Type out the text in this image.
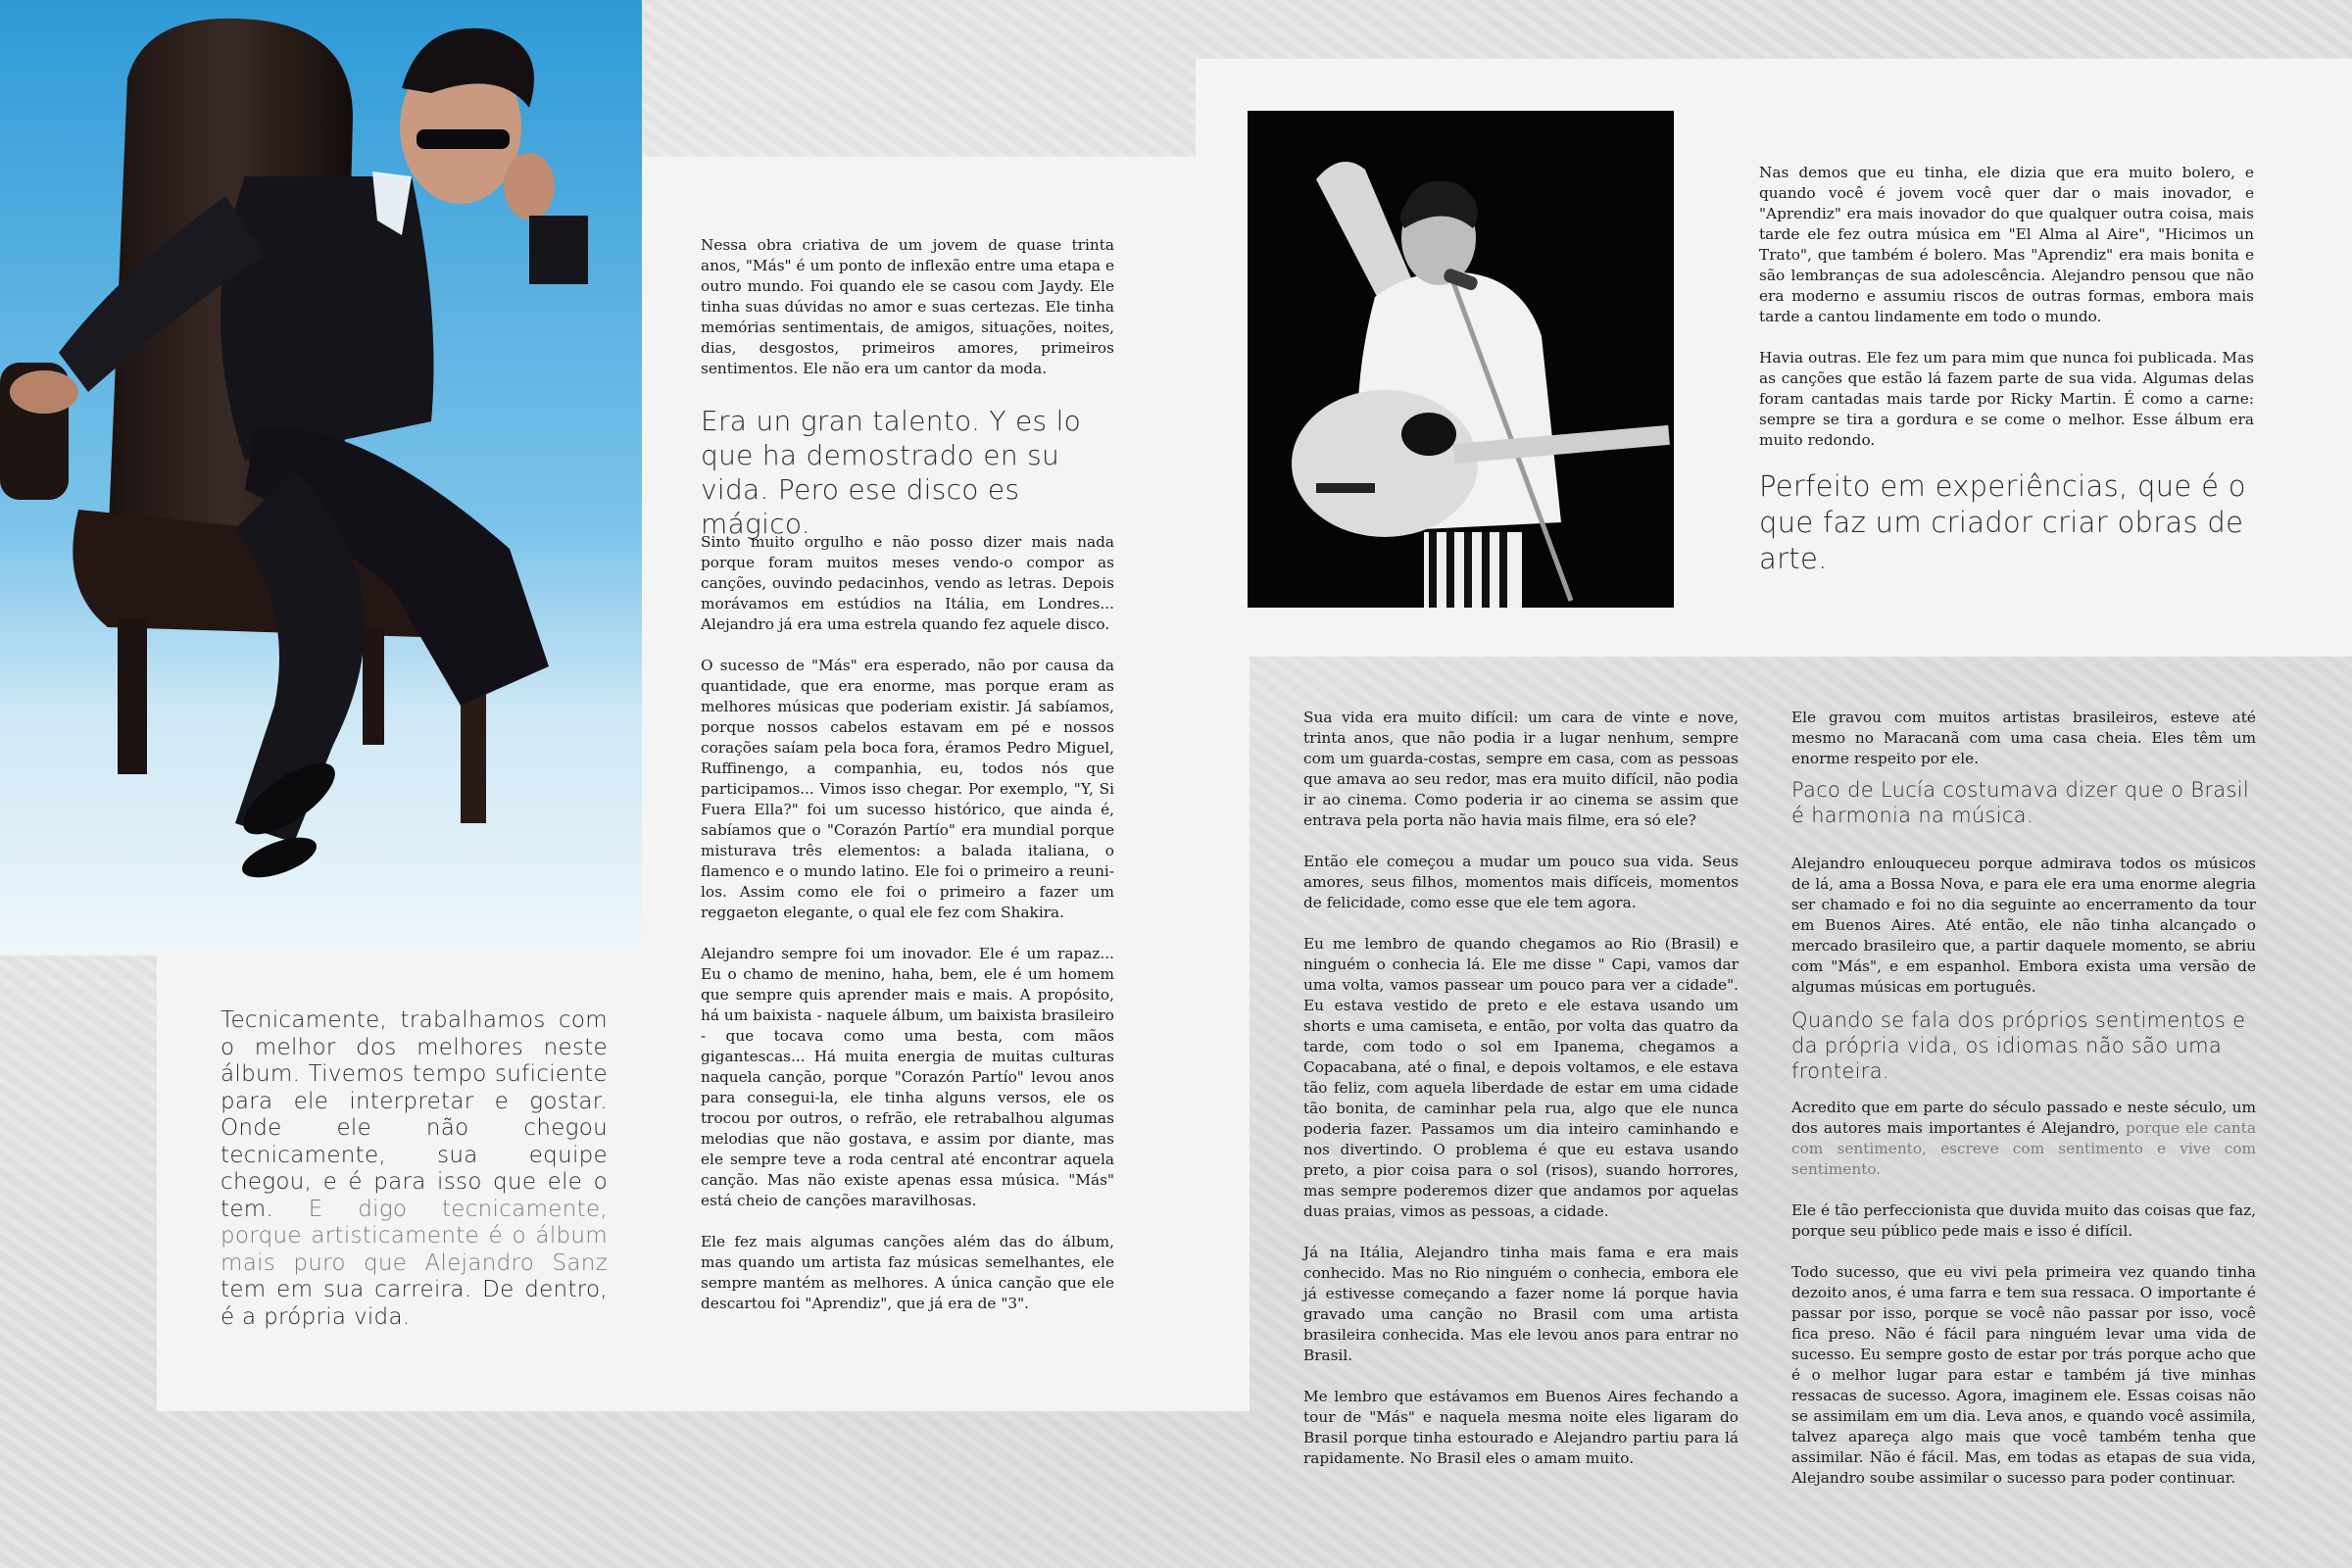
Tecnicamente, trabalhamos com o melhor dos melhores neste álbum. Tivemos tempo suficiente para ele interpretar e gostar. Onde ele não chegou tecnicamente, sua equipe chegou, e é para isso que ele o tem. E digo tecnicamente, porque artisticamente é o álbum mais puro que Alejandro Sanz tem em sua carreira. De dentro, é a própria vida.

Nessa obra criativa de um jovem de quase trinta anos, "Más" é um ponto de inflexão entre uma etapa e outro mundo. Foi quando ele se casou com Jaydy. Ele tinha suas dúvidas no amor e suas certezas. Ele tinha memórias sentimentais, de amigos, situações, noites, dias, desgostos, primeiros amores, primeiros sentimentos. Ele não era um cantor da moda.

Era un gran talento. Y es lo que ha demostrado en su vida. Pero ese disco es mágico.

Sinto muito orgulho e não posso dizer mais nada porque foram muitos meses vendo-o compor as canções, ouvindo pedacinhos, vendo as letras. Depois morávamos em estúdios na Itália, em Londres... Alejandro já era uma estrela quando fez aquele disco.

O sucesso de "Más" era esperado, não por causa da quantidade, que era enorme, mas porque eram as melhores músicas que poderiam existir. Já sabíamos, porque nossos cabelos estavam em pé e nossos corações saíam pela boca fora, éramos Pedro Miguel, Ruffinengo, a companhia, eu, todos nós que participamos... Vimos isso chegar. Por exemplo, "Y, Si Fuera Ella?" foi um sucesso histórico, que ainda é, sabíamos que o "Corazón Partío" era mundial porque misturava três elementos: a balada italiana, o flamenco e o mundo latino. Ele foi o primeiro a reuni-los. Assim como ele foi o primeiro a fazer um reggaeton elegante, o qual ele fez com Shakira.

Alejandro sempre foi um inovador. Ele é um rapaz... Eu o chamo de menino, haha, bem, ele é um homem que sempre quis aprender mais e mais. A propósito, há um baixista - naquele álbum, um baixista brasileiro - que tocava como uma besta, com mãos gigantescas... Há muita energia de muitas culturas naquela canção, porque "Corazón Partío" levou anos para consegui-la, ele tinha alguns versos, ele os trocou por outros, o refrão, ele retrabalhou algumas melodias que não gostava, e assim por diante, mas ele sempre teve a roda central até encontrar aquela canção. Mas não existe apenas essa música. "Más" está cheio de canções maravilhosas.

Ele fez mais algumas canções além das do álbum, mas quando um artista faz músicas semelhantes, ele sempre mantém as melhores. A única canção que ele descartou foi "Aprendiz", que já era de "3".

Nas demos que eu tinha, ele dizia que era muito bolero, e quando você é jovem você quer dar o mais inovador, e "Aprendiz" era mais inovador do que qualquer outra coisa, mais tarde ele fez outra música em "El Alma al Aire", "Hicimos un Trato", que também é bolero. Mas "Aprendiz" era mais bonita e são lembranças de sua adolescência. Alejandro pensou que não era moderno e assumiu riscos de outras formas, embora mais tarde a cantou lindamente em todo o mundo.

Havia outras. Ele fez um para mim que nunca foi publicada. Mas as canções que estão lá fazem parte de sua vida. Algumas delas foram cantadas mais tarde por Ricky Martin. É como a carne: sempre se tira a gordura e se come o melhor. Esse álbum era muito redondo.

Perfeito em experiências, que é o que faz um criador criar obras de arte.

Sua vida era muito difícil: um cara de vinte e nove, trinta anos, que não podia ir a lugar nenhum, sempre com um guarda-costas, sempre em casa, com as pessoas que amava ao seu redor, mas era muito difícil, não podia ir ao cinema. Como poderia ir ao cinema se assim que entrava pela porta não havia mais filme, era só ele?

Então ele começou a mudar um pouco sua vida. Seus amores, seus filhos, momentos mais difíceis, momentos de felicidade, como esse que ele tem agora.

Eu me lembro de quando chegamos ao Rio (Brasil) e ninguém o conhecia lá. Ele me disse " Capi, vamos dar uma volta, vamos passear um pouco para ver a cidade". Eu estava vestido de preto e ele estava usando um shorts e uma camiseta, e então, por volta das quatro da tarde, com todo o sol em Ipanema, chegamos a Copacabana, até o final, e depois voltamos, e ele estava tão feliz, com aquela liberdade de estar em uma cidade tão bonita, de caminhar pela rua, algo que ele nunca poderia fazer. Passamos um dia inteiro caminhando e nos divertindo. O problema é que eu estava usando preto, a pior coisa para o sol (risos), suando horrores, mas sempre poderemos dizer que andamos por aquelas duas praias, vimos as pessoas, a cidade.

Já na Itália, Alejandro tinha mais fama e era mais conhecido. Mas no Rio ninguém o conhecia, embora ele já estivesse começando a fazer nome lá porque havia gravado uma canção no Brasil com uma artista brasileira conhecida. Mas ele levou anos para entrar no Brasil.

Me lembro que estávamos em Buenos Aires fechando a tour de "Más" e naquela mesma noite eles ligaram do Brasil porque tinha estourado e Alejandro partiu para lá rapidamente. No Brasil eles o amam muito.

Ele gravou com muitos artistas brasileiros, esteve até mesmo no Maracanã com uma casa cheia. Eles têm um enorme respeito por ele.

Paco de Lucía costumava dizer que o Brasil é harmonia na música.

Alejandro enlouqueceu porque admirava todos os músicos de lá, ama a Bossa Nova, e para ele era uma enorme alegria ser chamado e foi no dia seguinte ao encerramento da tour em Buenos Aires. Até então, ele não tinha alcançado o mercado brasileiro que, a partir daquele momento, se abriu com "Más", e em espanhol. Embora exista uma versão de algumas músicas em português.

Quando se fala dos próprios sentimentos e da própria vida, os idiomas não são uma fronteira.

Acredito que em parte do século passado e neste século, um dos autores mais importantes é Alejandro, porque ele canta com sentimento, escreve com sentimento e vive com sentimento.

Ele é tão perfeccionista que duvida muito das coisas que faz, porque seu público pede mais e isso é difícil.

Todo sucesso, que eu vivi pela primeira vez quando tinha dezoito anos, é uma farra e tem sua ressaca. O importante é passar por isso, porque se você não passar por isso, você fica preso. Não é fácil para ninguém levar uma vida de sucesso. Eu sempre gosto de estar por trás porque acho que é o melhor lugar para estar e também já tive minhas ressacas de sucesso. Agora, imaginem ele. Essas coisas não se assimilam em um dia. Leva anos, e quando você assimila, talvez apareça algo mais que você também tenha que assimilar. Não é fácil. Mas, em todas as etapas de sua vida, Alejandro soube assimilar o sucesso para poder continuar.
